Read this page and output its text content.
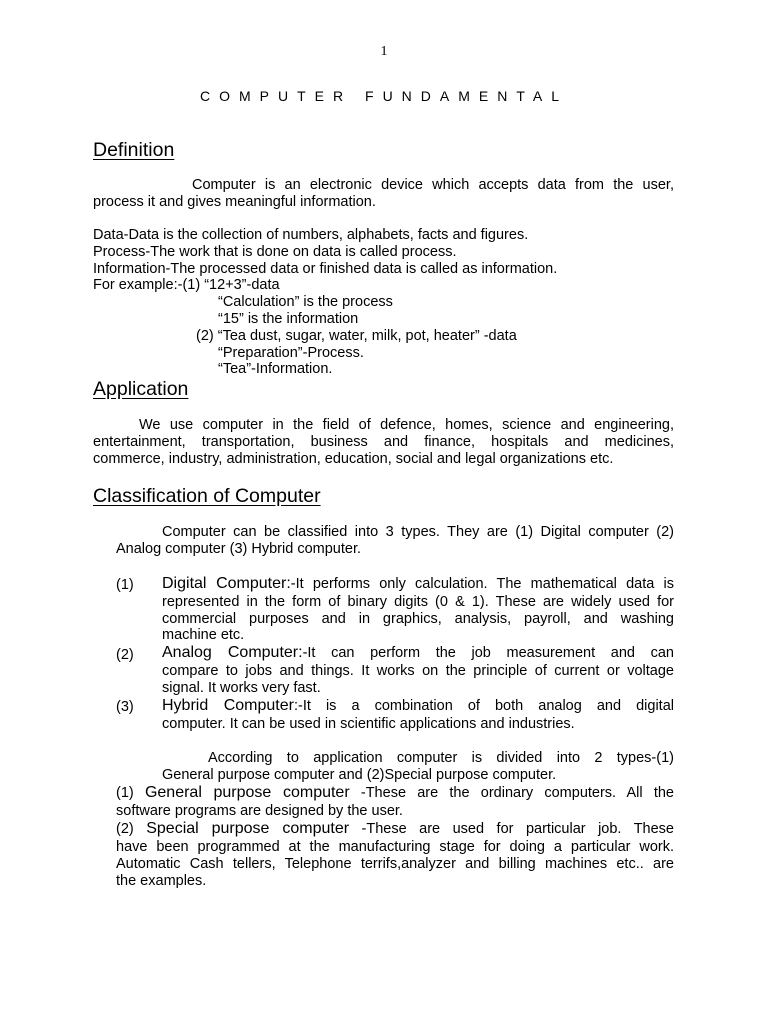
1
COMPUTER FUNDAMENTAL
Definition
Computer is an electronic device which accepts data from the user,
process it and gives meaningful information.
Data-Data is the collection of numbers, alphabets, facts and figures.
Process-The work that is done on data is called process.
Information-The processed data or finished data is called as information.
For example:-(1) “12+3”-data
“Calculation” is the process
“15” is the information
(2) “Tea dust, sugar, water, milk, pot, heater” -data
“Preparation”-Process.
“Tea”-Information.
Application
We use computer in the field of defence, homes, science and engineering,
entertainment, transportation, business and finance, hospitals and medicines,
commerce, industry, administration, education, social and legal organizations etc.
Classification of Computer
Computer can be classified into 3 types. They are (1) Digital computer (2)
Analog computer (3) Hybrid computer.
(1) Digital Computer:-It performs only calculation. The mathematical data is
represented in the form of binary digits (0 & 1). These are widely used for
commercial purposes and in graphics, analysis, payroll, and washing
machine etc.
(2) Analog Computer:-It can perform the job measurement and can
compare to jobs and things. It works on the principle of current or voltage
signal. It works very fast.
(3) Hybrid Computer:-It is a combination of both analog and digital
computer. It can be used in scientific applications and industries.
According to application computer is divided into 2 types-(1)
General purpose computer and (2)Special purpose computer.
(1) General purpose computer -These are the ordinary computers. All the
software programs are designed by the user.
(2) Special purpose computer -These are used for particular job. These
have been programmed at the manufacturing stage for doing a particular work.
Automatic Cash tellers, Telephone terrifs,analyzer and billing machines etc.. are
the examples.
